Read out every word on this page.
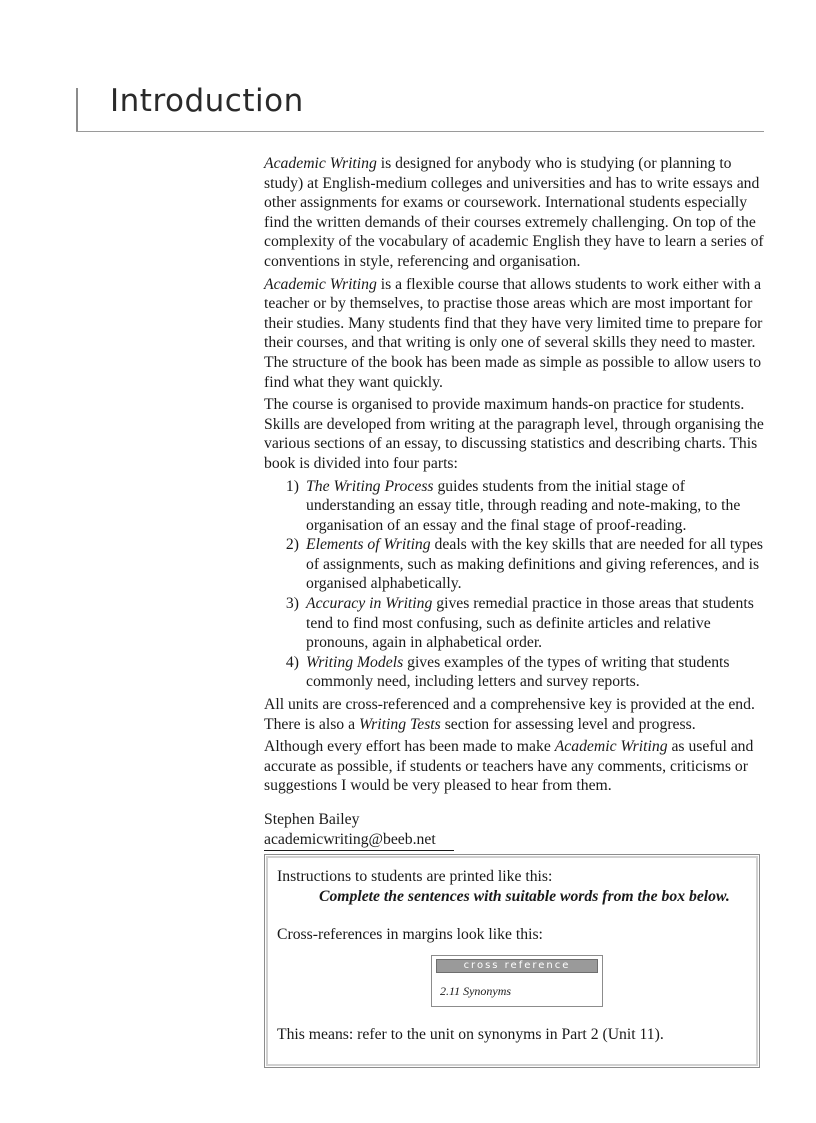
Introduction

Academic Writing is designed for anybody who is studying (or planning to study) at English-medium colleges and universities and has to write essays and other assignments for exams or coursework. International students especially find the written demands of their courses extremely challenging. On top of the complexity of the vocabulary of academic English they have to learn a series of conventions in style, referencing and organisation.

Academic Writing is a flexible course that allows students to work either with a teacher or by themselves, to practise those areas which are most important for their studies. Many students find that they have very limited time to prepare for their courses, and that writing is only one of several skills they need to master. The structure of the book has been made as simple as possible to allow users to find what they want quickly.

The course is organised to provide maximum hands-on practice for students. Skills are developed from writing at the paragraph level, through organising the various sections of an essay, to discussing statistics and describing charts. This book is divided into four parts:

1) The Writing Process guides students from the initial stage of understanding an essay title, through reading and note-making, to the organisation of an essay and the final stage of proof-reading.
2) Elements of Writing deals with the key skills that are needed for all types of assignments, such as making definitions and giving references, and is organised alphabetically.
3) Accuracy in Writing gives remedial practice in those areas that students tend to find most confusing, such as definite articles and relative pronouns, again in alphabetical order.
4) Writing Models gives examples of the types of writing that students commonly need, including letters and survey reports.

All units are cross-referenced and a comprehensive key is provided at the end.
There is also a Writing Tests section for assessing level and progress.

Although every effort has been made to make Academic Writing as useful and accurate as possible, if students or teachers have any comments, criticisms or suggestions I would be very pleased to hear from them.

Stephen Bailey
academicwriting@beeb.net

Instructions to students are printed like this:

Complete the sentences with suitable words from the box below.

Cross-references in margins look like this:

cross reference
2.11 Synonyms

This means: refer to the unit on synonyms in Part 2 (Unit 11).
